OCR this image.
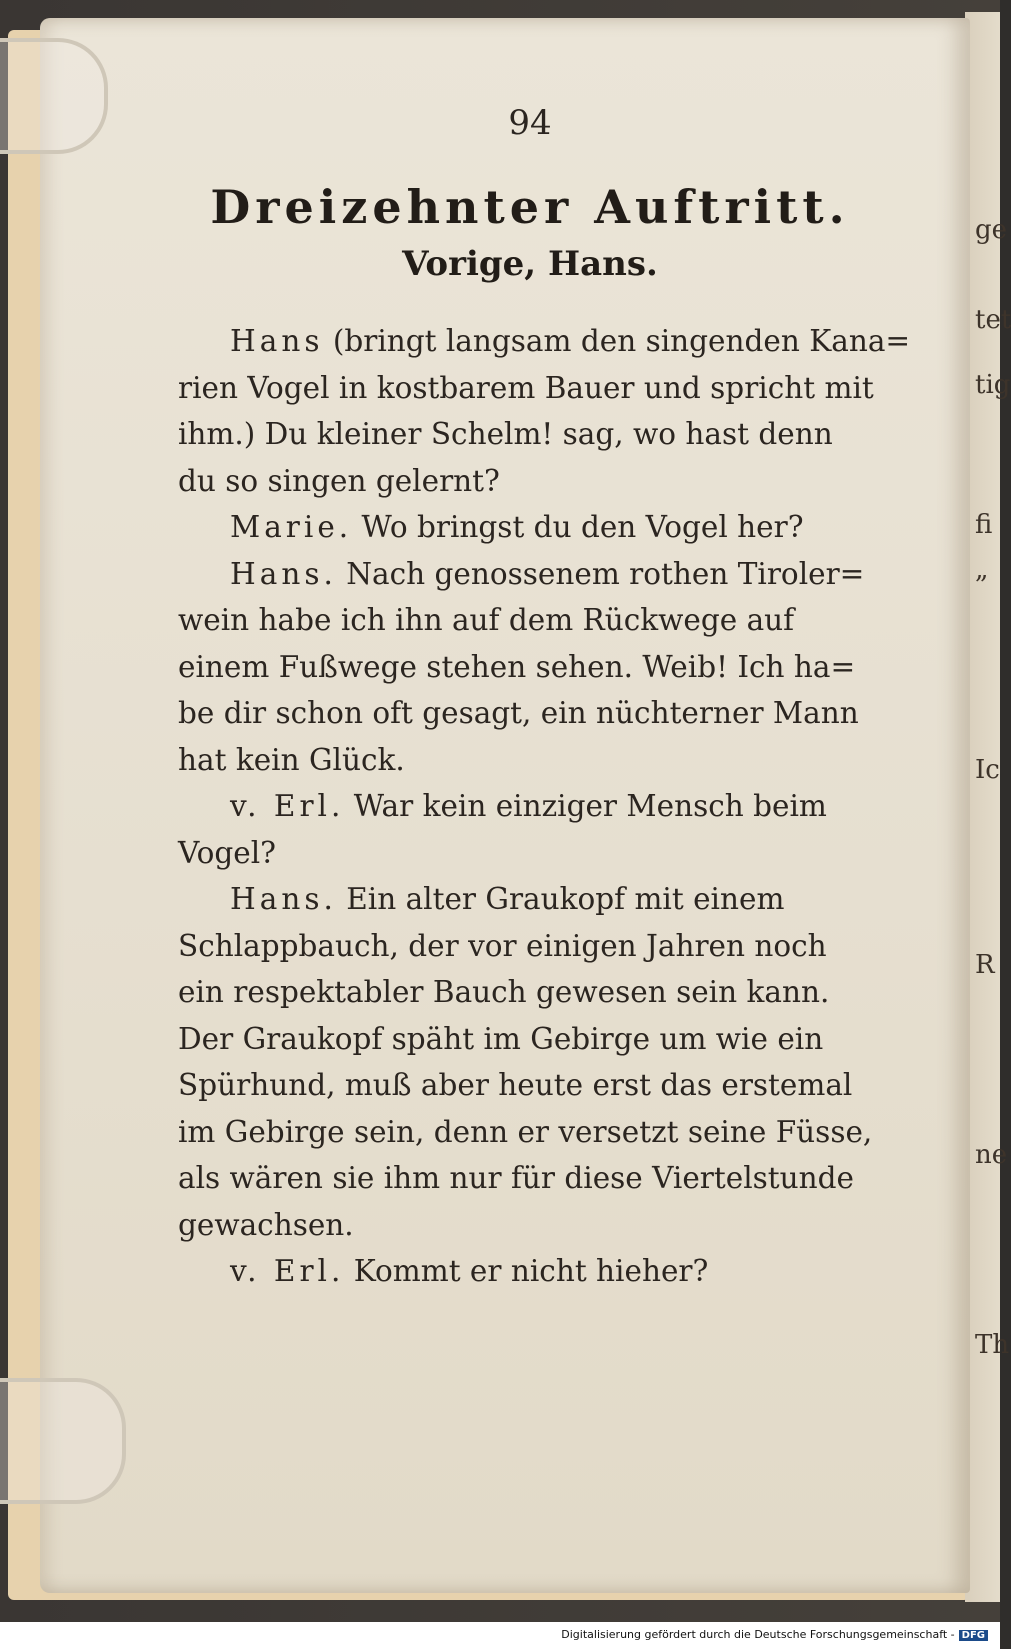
ge
tet
tig
fi
„
Ic
R
ne
Th
94
Dreizehnter Auftritt.
Vorige, Hans.
Hans (bringt langsam den singenden Kana=
rien Vogel in kostbarem Bauer und spricht mit
ihm.) Du kleiner Schelm! sag, wo hast denn
du so singen gelernt?
Marie. Wo bringst du den Vogel her?
Hans. Nach genossenem rothen Tiroler=
wein habe ich ihn auf dem Rückwege auf
einem Fußwege stehen sehen. Weib! Ich ha=
be dir schon oft gesagt, ein nüchterner Mann
hat kein Glück.
v. Erl. War kein einziger Mensch beim
Vogel?
Hans. Ein alter Graukopf mit einem
Schlappbauch, der vor einigen Jahren noch
ein respektabler Bauch gewesen sein kann.
Der Graukopf späht im Gebirge um wie ein
Spürhund, muß aber heute erst das erstemal
im Gebirge sein, denn er versetzt seine Füsse,
als wären sie ihm nur für diese Viertelstunde
gewachsen.
v. Erl. Kommt er nicht hieher?
Digitalisierung gefördert durch die Deutsche Forschungsgemeinschaft - DFG
